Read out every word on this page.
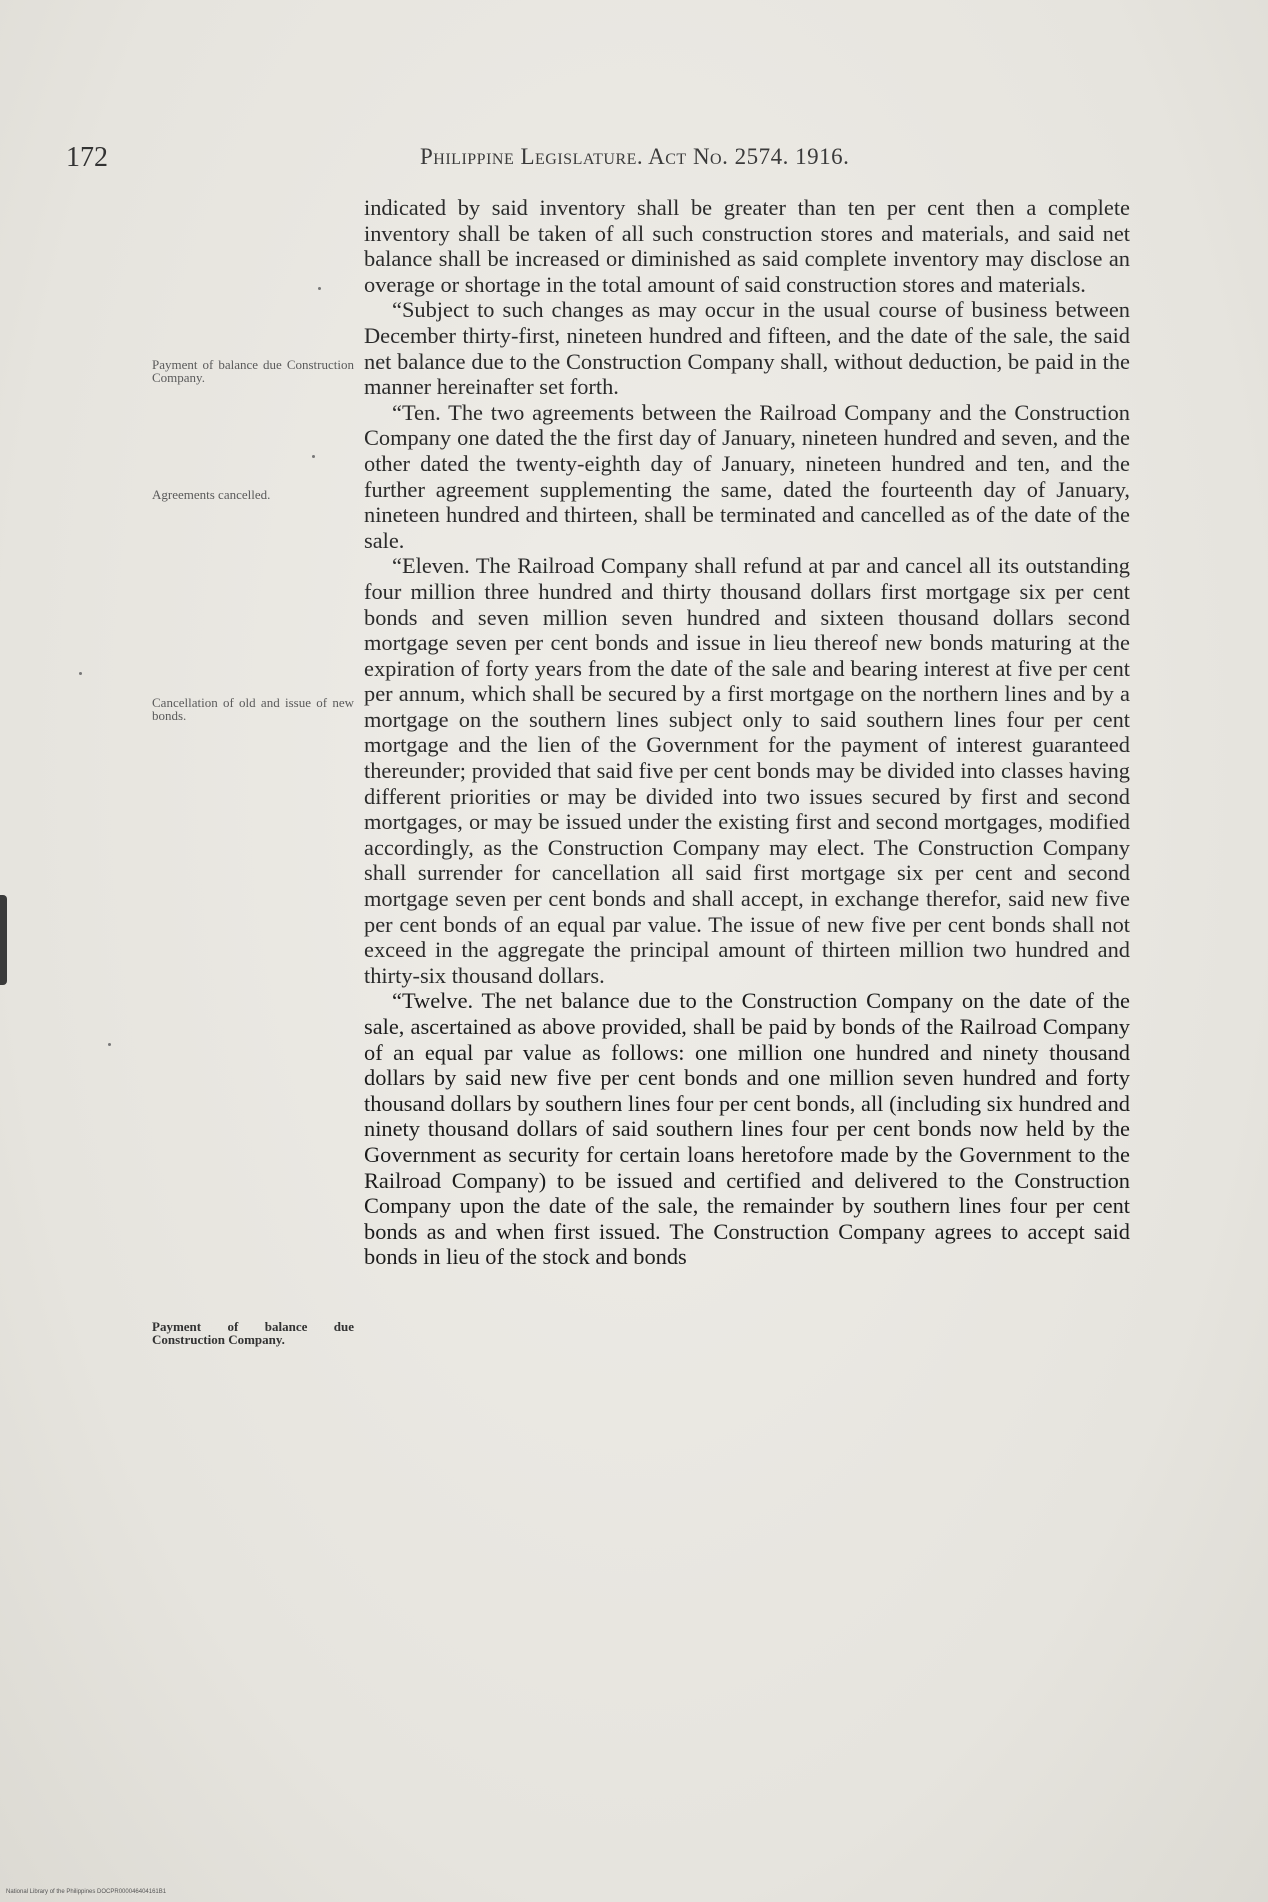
172	Philippine Legislature. Act No. 2574. 1916.
Payment of balance due Construction Company.
Agreements cancelled.
Cancellation of old and issue of new bonds.
Payment of balance due Construction Company.

indicated by said inventory shall be greater than ten per cent then a complete inventory shall be taken of all such construction stores and materials, and said net balance shall be increased or diminished as said complete inventory may disclose an overage or shortage in the total amount of said construction stores and materials.

“Subject to such changes as may occur in the usual course of business between December thirty-first, nineteen hundred and fifteen, and the date of the sale, the said net balance due to the Construction Company shall, without deduction, be paid in the manner hereinafter set forth.

“Ten. The two agreements between the Railroad Company and the Construction Company one dated the the first day of January, nineteen hundred and seven, and the other dated the twenty-eighth day of January, nineteen hundred and ten, and the further agreement supplementing the same, dated the fourteenth day of January, nineteen hundred and thirteen, shall be terminated and cancelled as of the date of the sale.

“Eleven. The Railroad Company shall refund at par and cancel all its outstanding four million three hundred and thirty thousand dollars first mortgage six per cent bonds and seven million seven hundred and sixteen thousand dollars second mortgage seven per cent bonds and issue in lieu thereof new bonds maturing at the expiration of forty years from the date of the sale and bearing interest at five per cent per annum, which shall be secured by a first mortgage on the northern lines and by a mortgage on the southern lines subject only to said southern lines four per cent mortgage and the lien of the Government for the payment of interest guaranteed thereunder; provided that said five per cent bonds may be divided into classes having different priorities or may be divided into two issues secured by first and second mortgages, or may be issued under the existing first and second mortgages, modified accordingly, as the Construction Company may elect. The Construction Company shall surrender for cancellation all said first mortgage six per cent and second mortgage seven per cent bonds and shall accept, in exchange therefor, said new five per cent bonds of an equal par value. The issue of new five per cent bonds shall not exceed in the aggregate the principal amount of thirteen million two hundred and thirty-six thousand dollars.

“Twelve. The net balance due to the Construction Company on the date of the sale, ascertained as above provided, shall be paid by bonds of the Railroad Company of an equal par value as follows: one million one hundred and ninety thousand dollars by said new five per cent bonds and one million seven hundred and forty thousand dollars by southern lines four per cent bonds, all (including six hundred and ninety thousand dollars of said southern lines four per cent bonds now held by the Government as security for certain loans heretofore made by the Government to the Railroad Company) to be issued and certified and delivered to the Construction Company upon the date of the sale, the remainder by southern lines four per cent bonds as and when first issued. The Construction Company agrees to accept said bonds in lieu of the stock and bonds

National Library of the Philippines DOCPR000046404161B1
